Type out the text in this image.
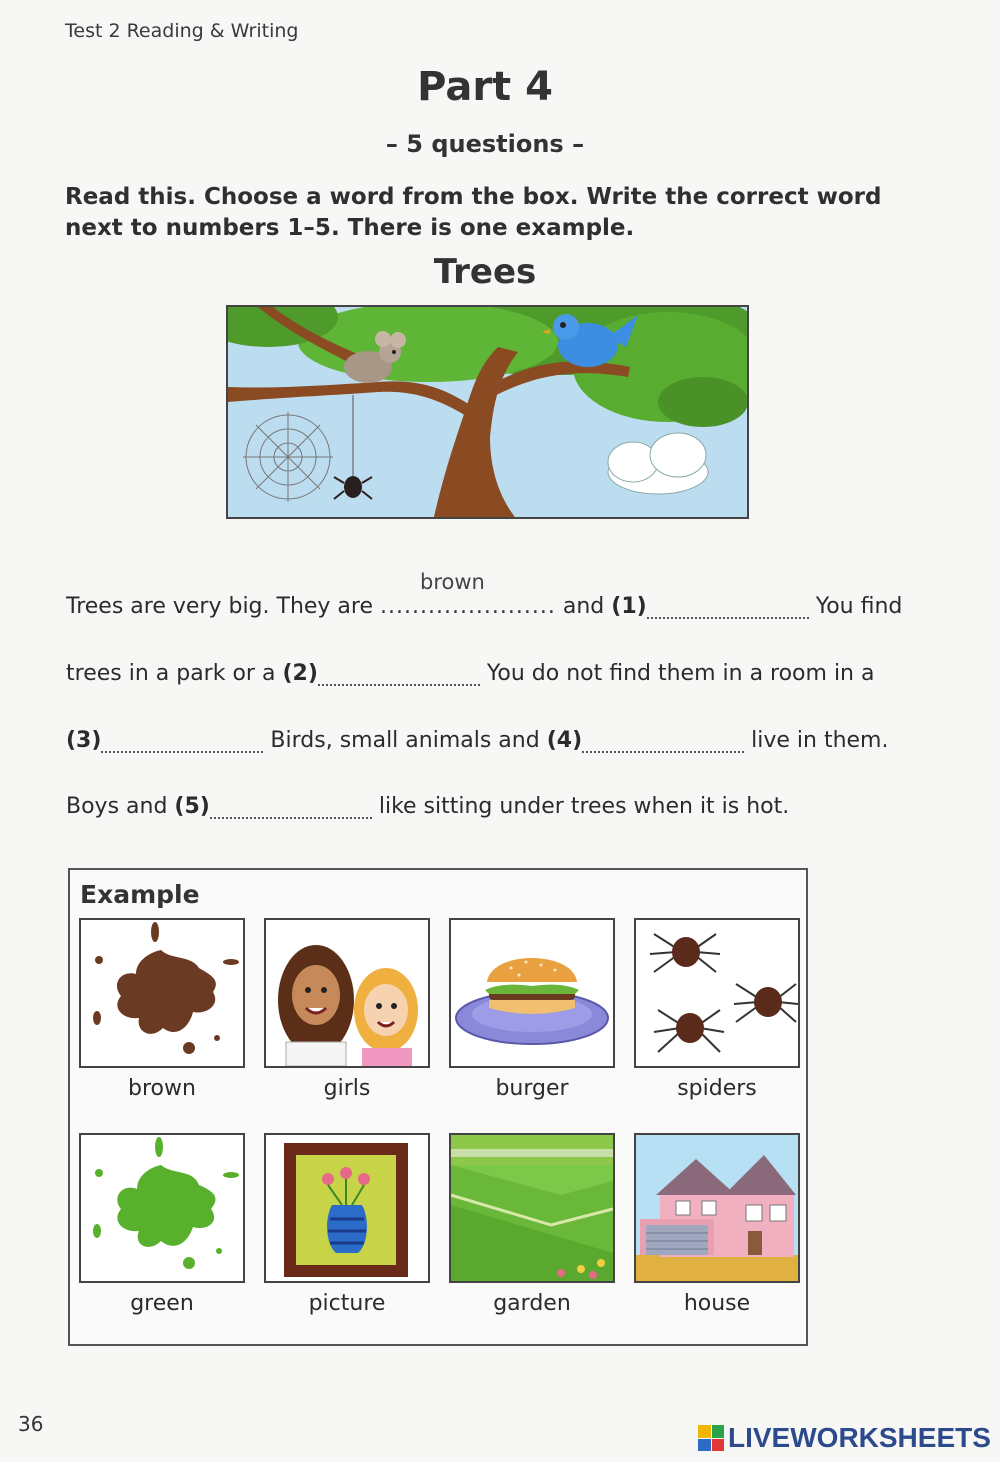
Test 2 Reading & Writing
Part 4
– 5 questions –
Read this. Choose a word from the box. Write the correct word next to numbers 1–5. There is one example.
Trees
Trees are very big. They are
brown
...................... and (1)	You find
trees in a park or a (2)	You do not find them in a room in a
(3)	Birds, small animals and (4)	live in them.
Boys and (5)	like sitting under trees when it is hot.
Example
brown	girls	burger	spiders
green	picture	garden	house
36	LIVEWORKSHEETS
